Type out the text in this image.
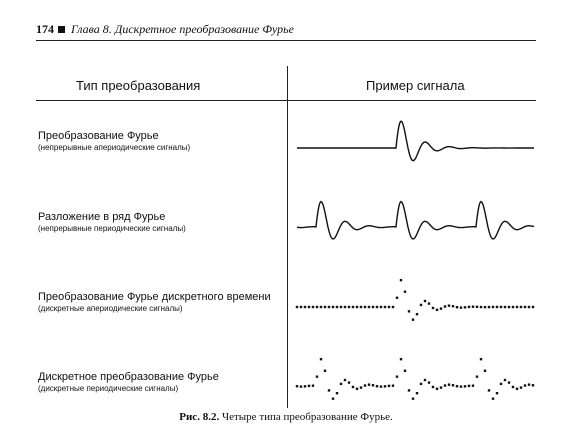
174 Глава 8. Дискретное преобразование Фурье
Тип преобразования	Пример сигнала
Преобразование Фурье
(непрерывные апериодические сигналы)
Разложение в ряд Фурье
(непрерывные периодические сигналы)
Преобразование Фурье дискретного времени
(дискретные апериодические сигналы)
Дискретное преобразование Фурье
(дискретные периодические сигналы)
Рис. 8.2. Четыре типа преобразование Фурье.
